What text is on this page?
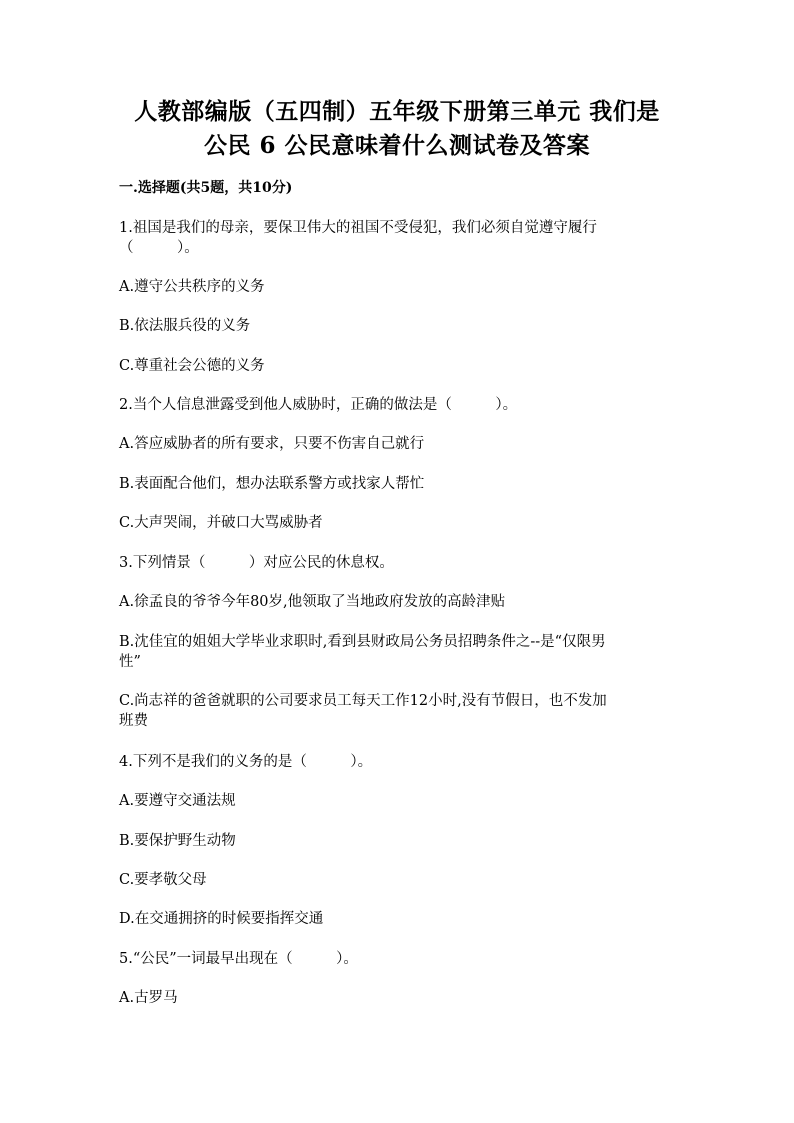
人教部编版（五四制）五年级下册第三单元 我们是
公民 6 公民意味着什么测试卷及答案
一.选择题(共5题，共10分)
1.祖国是我们的母亲，要保卫伟大的祖国不受侵犯，我们必须自觉遵守履行
（　　　）。
A.遵守公共秩序的义务
B.依法服兵役的义务
C.尊重社会公德的义务
2.当个人信息泄露受到他人威胁时，正确的做法是（　　　）。
A.答应威胁者的所有要求，只要不伤害自己就行
B.表面配合他们，想办法联系警方或找家人帮忙
C.大声哭闹，并破口大骂威胁者
3.下列情景（　　　）对应公民的休息权。
A.徐孟良的爷爷今年80岁,他领取了当地政府发放的高龄津贴
B.沈佳宜的姐姐大学毕业求职时,看到县财政局公务员招聘条件之--是“仅限男
性”
C.尚志祥的爸爸就职的公司要求员工每天工作12小时,没有节假日，也不发加
班费
4.下列不是我们的义务的是（　　　）。
A.要遵守交通法规
B.要保护野生动物
C.要孝敬父母
D.在交通拥挤的时候要指挥交通
5.“公民”一词最早出现在（　　　）。
A.古罗马
